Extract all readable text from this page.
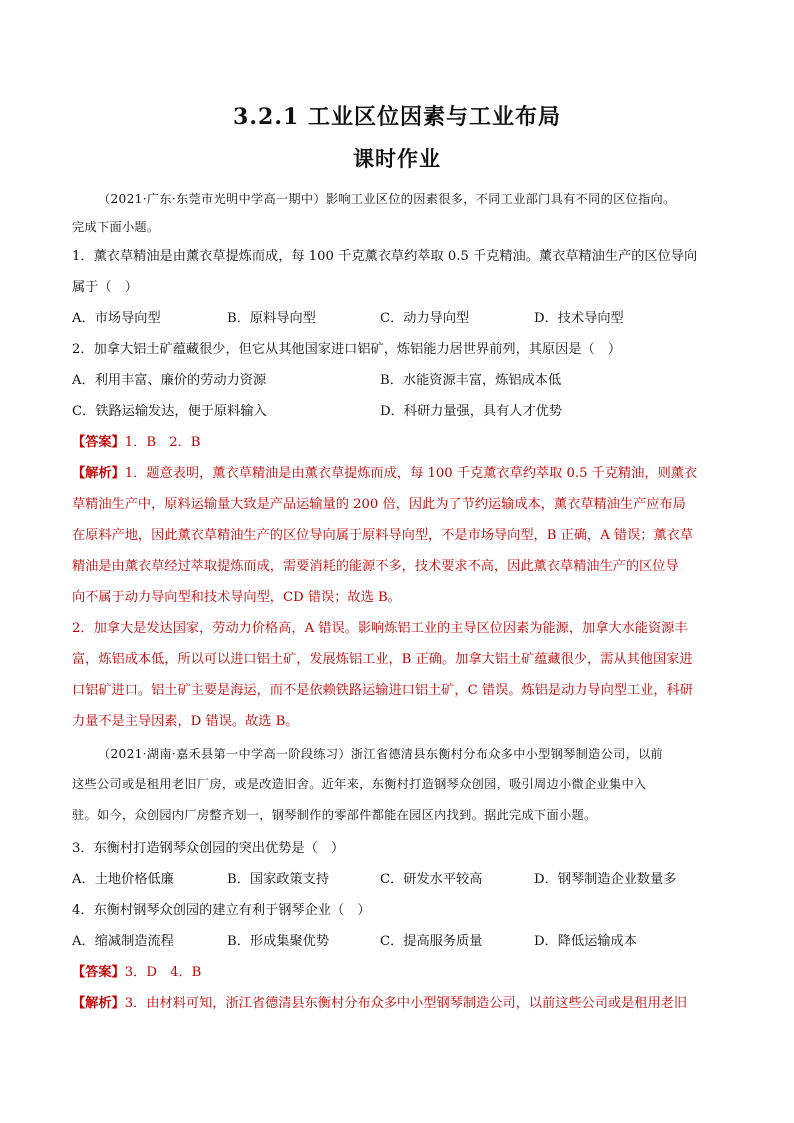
3.2.1 工业区位因素与工业布局
课时作业
（2021·广东·东莞市光明中学高一期中）影响工业区位的因素很多，不同工业部门具有不同的区位指向。
完成下面小题。
1．薰衣草精油是由薰衣草提炼而成，每 100 千克薰衣草约萃取 0.5 千克精油。薰衣草精油生产的区位导向
属于（　）
A．市场导向型	B．原料导向型	C．动力导向型	D．技术导向型
2．加拿大铝土矿蕴藏很少，但它从其他国家进口铝矿，炼铝能力居世界前列，其原因是（　）
A．利用丰富、廉价的劳动力资源	B．水能资源丰富，炼铝成本低
C．铁路运输发达，便于原料输入	D．科研力量强，具有人才优势
【答案】1．B　2．B
【解析】1．题意表明，薰衣草精油是由薰衣草提炼而成，每 100 千克薰衣草约萃取 0.5 千克精油，则薰衣
草精油生产中，原料运输量大致是产品运输量的 200 倍，因此为了节约运输成本，薰衣草精油生产应布局
在原料产地，因此薰衣草精油生产的区位导向属于原料导向型，不是市场导向型，B 正确，A 错误；薰衣草
精油是由薰衣草经过萃取提炼而成，需要消耗的能源不多，技术要求不高，因此薰衣草精油生产的区位导
向不属于动力导向型和技术导向型，CD 错误；故选 B。
2．加拿大是发达国家，劳动力价格高，A 错误。影响炼铝工业的主导区位因素为能源，加拿大水能资源丰
富，炼铝成本低，所以可以进口铝土矿，发展炼铝工业，B 正确。加拿大铝土矿蕴藏很少，需从其他国家进
口铝矿进口。铝土矿主要是海运，而不是依赖铁路运输进口铝土矿，C 错误。炼铝是动力导向型工业，科研
力量不是主导因素，D 错误。故选 B。
（2021·湖南·嘉禾县第一中学高一阶段练习）浙江省德清县东衡村分布众多中小型钢琴制造公司，以前
这些公司或是租用老旧厂房，或是改造旧舍。近年来，东衡村打造钢琴众创园，吸引周边小微企业集中入
驻。如今，众创园内厂房整齐划一，钢琴制作的零部件都能在园区内找到。据此完成下面小题。
3．东衡村打造钢琴众创园的突出优势是（　）
A．土地价格低廉	B．国家政策支持	C．研发水平较高	D．钢琴制造企业数量多
4．东衡村钢琴众创园的建立有利于钢琴企业（　）
A．缩减制造流程	B．形成集聚优势	C．提高服务质量	D．降低运输成本
【答案】3．D　4．B
【解析】3．由材料可知，浙江省德清县东衡村分布众多中小型钢琴制造公司，以前这些公司或是租用老旧
